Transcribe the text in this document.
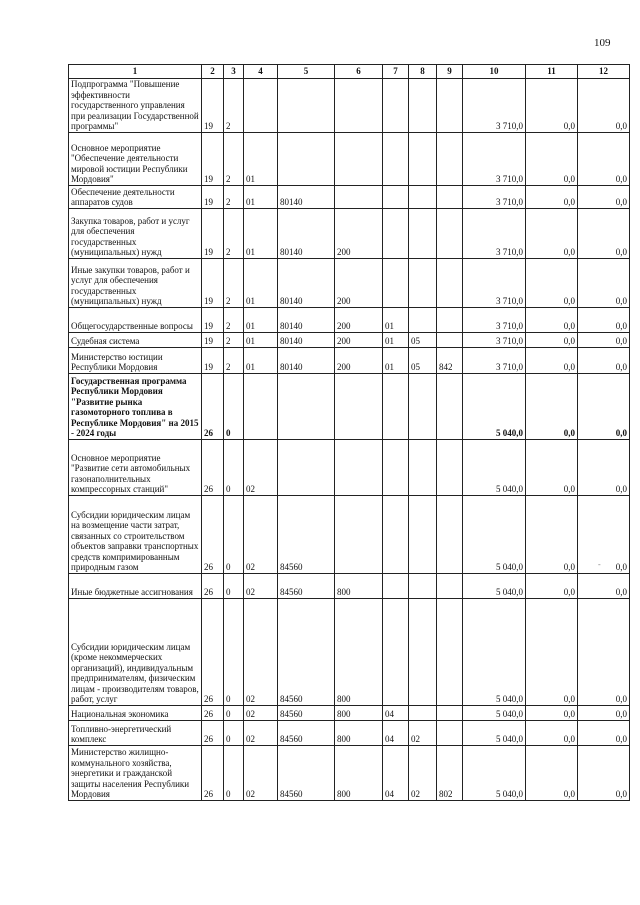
109
1	2	3	4	5	6	7	8	9	10	11	12
Подпрограмма "Повышение эффективности государственного управления при реализации Государственной программы"	19	2							3 710,0	0,0	0,0
Основное мероприятие "Обеспечение деятельности мировой юстиции Республики Мордовия"	19	2	01						3 710,0	0,0	0,0
Обеспечение деятельности аппаратов судов	19	2	01	80140					3 710,0	0,0	0,0
Закупка товаров, работ и услуг для обеспечения государственных (муниципальных) нужд	19	2	01	80140	200				3 710,0	0,0	0,0
Иные закупки товаров, работ и услуг для обеспечения государственных (муниципальных) нужд	19	2	01	80140	200				3 710,0	0,0	0,0
Общегосударственные вопросы	19	2	01	80140	200	01			3 710,0	0,0	0,0
Судебная система	19	2	01	80140	200	01	05		3 710,0	0,0	0,0
Министерство юстиции Республики Мордовия	19	2	01	80140	200	01	05	842	3 710,0	0,0	0,0
Государственная программа Республики Мордовия "Развитие рынка газомоторного топлива в Республике Мордовия" на 2015 - 2024 годы	26	0							5 040,0	0,0	0,0
Основное мероприятие "Развитие сети автомобильных газонаполнительных компрессорных станций"	26	0	02						5 040,0	0,0	0,0
Субсидии юридическим лицам на возмещение части затрат, связанных со строительством объектов заправки транспортных средств компримированным природным газом	26	0	02	84560					5 040,0	0,0	0,0
Иные бюджетные ассигнования	26	0	02	84560	800				5 040,0	0,0	0,0
Субсидии юридическим лицам (кроме некоммерческих организаций), индивидуальным предпринимателям, физическим лицам - производителям товаров, работ, услуг	26	0	02	84560	800				5 040,0	0,0	0,0
Национальная экономика	26	0	02	84560	800	04			5 040,0	0,0	0,0
Топливно-энергетический комплекс	26	0	02	84560	800	04	02		5 040,0	0,0	0,0
Министерство жилищно-коммунального хозяйства, энергетики и гражданской защиты населения Республики Мордовия	26	0	02	84560	800	04	02	802	5 040,0	0,0	0,0
-
